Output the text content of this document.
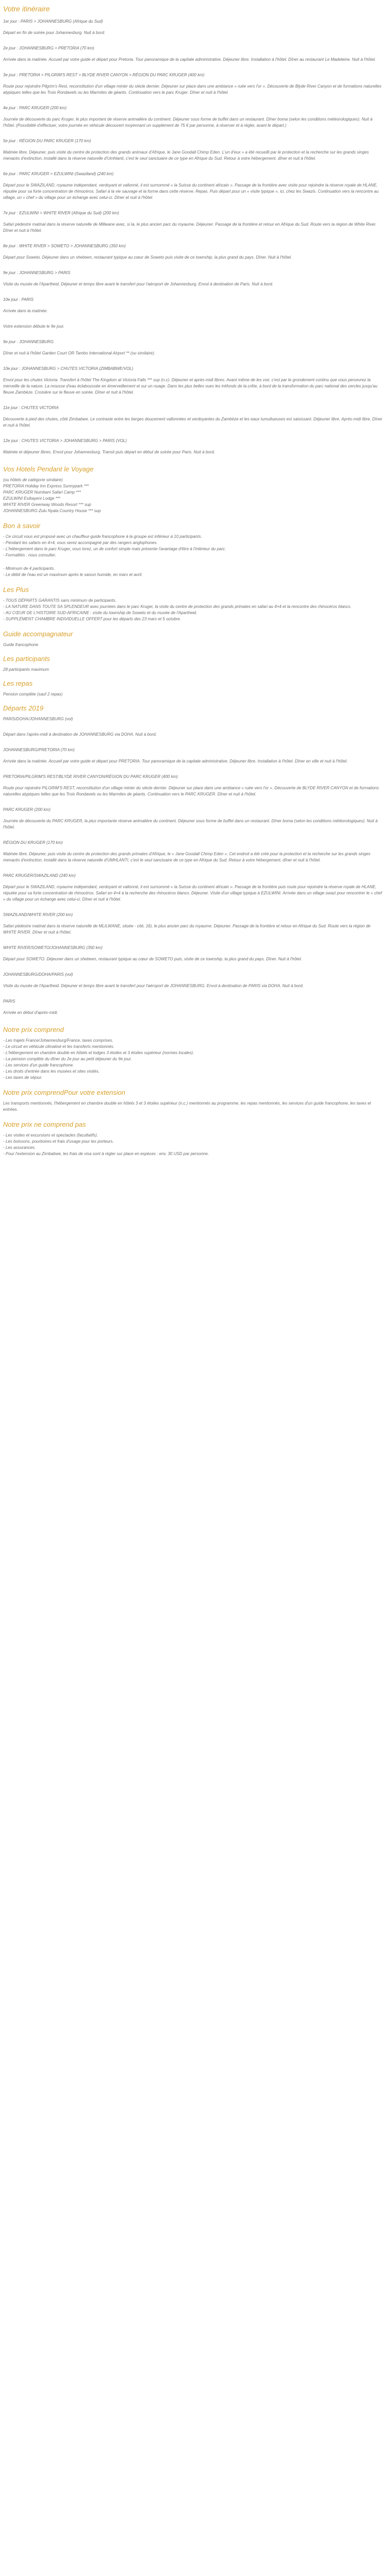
Votre itinéraire
1er jour : PARIS > JOHANNESBURG (Afrique du Sud)
Départ en fin de soirée pour Johannesburg. Nuit à bord.
2e jour : JOHANNESBURG > PRETORIA (70 km)
Arrivée dans la matinée. Accueil par votre guide et départ pour Pretoria. Tour panoramique de la capitale administrative. Déjeuner libre. Installation à l'hôtel. Dîner au restaurant Le Madeleine. Nuit à l'hôtel.
3e jour : PRETORIA > PILGRIM'S REST > BLYDE RIVER CANYON > RÉGION DU PARC KRUGER (400 km)
Route pour rejoindre Pilgrim's Rest, reconstitution d'un village minier du siècle dernier. Déjeuner sur place dans une ambiance « ruée vers l'or ». Découverte de Blyde River Canyon et de formations naturelles atypiques telles que les Trois Rondavels ou les Marmites de géants. Continuation vers le parc Kruger. Dîner et nuit à l'hôtel.
4e jour : PARC KRUGER (200 km)
Journée de découverte du parc Kruger, le plus important de réserve animalière du continent. Déjeuner sous forme de buffet dans un restaurant. Dîner boma (selon les conditions météorologiques). Nuit à l'hôtel. (Possibilité d'effectuer, votre journée en véhicule découvert moyennant un supplément de 75 € par personne, à réserver et à régler, avant le départ.)
5e jour : RÉGION DU PARC KRUGER (170 km)
Matinée libre. Déjeuner, puis visite du centre de protection des grands animaux d'Afrique, le Jane Goodall Chimp Eden. L'un d'eux » a été recueilli par le protection et la recherche sur les grands singes menacés d'extinction, installé dans la réserve naturelle d'Umhlanti, c'est le seul sanctuaire de ce type en Afrique du Sud. Retour à votre hébergement, dîner et nuit à l'hôtel.
6e jour : PARC KRUGER > EZULWINI (Swaziland) (240 km)
Départ pour le SWAZILAND, royaume indépendant, verdoyant et vallonné, il est surnommé « la Suisse du continent africain ». Passage de la frontière avec visite pour rejoindre la réserve royale de HLANE, réputée pour sa forte concentration de rhinocéros. Safari à la vie sauvage et la forme dans cette réserve. Repas. Puis départ pour un « visite typique », ici, chez les Swazis. Continuation vers la rencontre au village, un « chef » du village pour un échange avec celui-ci. Dîner et nuit à l'hôtel.
7e jour : EZULWINI > WHITE RIVER (Afrique du Sud) (200 km)
Safari pédestre matinal dans la réserve naturelle de Mlilwane avec, si la, le plus ancien parc du royaume. Déjeuner. Passage de la frontière et retour en Afrique du Sud. Route vers la région de White River. Dîner et nuit à l'hôtel.
8e jour : WHITE RIVER > SOWETO > JOHANNESBURG (350 km)
Départ pour Soweto. Déjeuner dans un shebeen, restaurant typique au cœur de Soweto puis visite de ce township, la plus grand du pays. Dîner. Nuit à l'hôtel.
9e jour : JOHANNESBURG > PARIS
Visite du musée de l'Apartheid. Déjeuner et temps libre avant le transfert pour l'aéroport de Johannesburg. Envol à destination de Paris. Nuit à bord.
10e jour : PARIS
Arrivée dans la matinée.
Votre extension débute le 9e jour.
9e jour : JOHANNESBURG
Dîner et nuit à l'hôtel Garden Court OR Tambo International Airport ** (ou similaire).
10e jour : JOHANNESBURG > CHUTES VICTORIA (ZIMBABWE/VOL)
Envol pour les chutes Victoria. Transfert à l'hôtel The Kingdom at Victoria Falls *** sup (n.c). Déjeuner et après-midi libres. Avant même de les voir, c'est par le grondement continu que vous percevrez la merveille de la nature. La mousse d'eau éclaboussée en émerveillement et sur un nuage. Dans les plus belles vues les tréfonds de la crête, à bord de la transformation du parc national des cercles jusqu'au fleuve Zambèze. Croisière sur le fleuve en soirée. Dîner et nuit à l'hôtel.
11e jour : CHUTES VICTORIA
Découverte à pied des chutes, côté Zimbabwe. Le contraste entre les berges doucement vallonnées et verdoyantes du Zambèze et les eaux tumultueuses est saisissant. Déjeuner libre. Après-midi libre. Dîner et nuit à l'hôtel.
12e jour : CHUTES VICTORIA > JOHANNESBURG > PARIS (VOL)
Matinée et déjeuner libres. Envol pour Johannesburg. Transit puis départ en début de soirée pour Paris. Nuit à bord.
Vos Hotels Pendant le Voyage
(ou hôtels de catégorie similaire)
PRETORIA Holiday Inn Express Sunnypark ***
PARC KRUGER Numbani Safari Camp ***
EZULWINI Esibayeni Lodge ***
WHITE RIVER Greenway Woods Resort *** sup
JOHANNESBURG Zulu Nyala Country House *** sup
Bon à savoir
- Ce circuit vous est proposé avec un chauffeur-guide francophone à la groupe est inférieur à 10 participants.
- Pendant les safaris en 4×4, vous serez accompagné par des rangers anglophones.
- L'hébergement dans le parc Kruger, vous lorez, un de confort simple mais présente l'avantage d'être à l'intérieur du parc.
- Formalités : nous consulter.
- Minimum de 4 participants.
- Le débit de l'eau est un maximum après le saison humide, en mars et avril.
Les Plus
- TOUS DÉPARTS GARANTIS sans minimum de participants.
- LA NATURE DANS TOUTE SA SPLENDEUR avec journées dans le parc Kruger, la visite du centre de protection des grands primates en safari au 4×4 et la rencontre des rhinocéros blancs.
- AU CŒUR DE L'HISTOIRE SUD-AFRICAINE : visite du township de Soweto et du musée de l'Apartheid.
- SUPPLÉMENT CHAMBRE INDIVIDUELLE OFFERT pour les départs des 23 mars et 5 octobre.
Guide accompagnateur
Guide francophone
Les participants
28 participants maximum
Les repas
Pension complète (sauf 2 repas)
Départs 2019
PARIS/DOHA/JOHANNESBURG (vol)
Départ dans l'après-midi à destination de JOHANNESBURG via DOHA. Nuit à bord.
JOHANNESBURG/PRETORIA (70 km)
Arrivée dans la matinée. Accueil par votre guide et départ pour PRETORIA. Tour panoramique de la capitale administrative. Déjeuner libre. Installation à l'hôtel. Dîner en ville et nuit à l'hôtel.
PRETORIA/PILGRIM'S REST/BLYDE RIVER CANYON/RÉGION DU PARC KRUGER (400 km)
Route pour rejoindre PILGRIM'S REST, reconstitution d'un village minier du siècle dernier. Déjeuner sur place dans une ambiance « ruée vers l'or ». Découverte de BLYDE RIVER CANYON et de formations naturelles atypiques telles que les Trois Rondavels ou les Marmites de géants. Continuation vers le PARC KRUGER. Dîner et nuit à l'hôtel.
PARC KRUGER (200 km)
Journée de découverte du PARC KRUGER, la plus importante réserve animalière du continent. Déjeuner sous forme de buffet dans un restaurant. Dîner boma (selon les conditions météorologiques). Nuit à l'hôtel.
RÉGION DU KRUGER (170 km)
Matinée libre. Déjeuner, puis visite du centre de protection des grands primates d'Afrique, le « Jane Goodall Chimp Eden ». Cet endroit a été créé pour la protection et la recherche sur les grands singes menacés d'extinction, installé dans la réserve naturelle d'UMHLANTI, c'est le seul sanctuaire de ce type en Afrique du Sud. Retour à votre hébergement, dîner et nuit à l'hôtel.
PARC KRUGER/SWAZILAND (240 km)
Départ pour le SWAZILAND, royaume indépendant, verdoyant et vallonné, il est surnommé « la Suisse du continent africain ». Passage de la frontière puis route pour rejoindre la réserve royale de HLANE, réputée pour sa forte concentration de rhinocéros. Safari en 4×4 à la recherche des rhinocéros blancs. Déjeuner. Visite d'un village typique à EZULWINI. Arrivée dans un village swazi pour rencontrer le « chef » du village pour un échange avec celui-ci. Dîner et nuit à l'hôtel.
SWAZILAND/WHITE RIVER (200 km)
Safari pédestre matinal dans la réserve naturelle de MLILWANE, située - cité, 16), le plus ancien parc du royaume. Déjeuner. Passage de la frontière et retour en Afrique du Sud. Route vers la région de WHITE RIVER. Dîner et nuit à l'hôtel.
WHITE RIVER/SOWETO/JOHANNESBURG (350 km)
Départ pour SOWETO. Déjeuner dans un shebeen, restaurant typique au cœur de SOWETO puis, visite de ce township, la plus grand du pays. Dîner. Nuit à l'hôtel.
JOHANNESBURG/DOHA/PARIS (vol)
Visite du musée de l'Apartheid. Déjeuner et temps libre avant le transfert pour l'aéroport de JOHANNESBURG. Envol à destination de PARIS via DOHA. Nuit à bord.
PARIS
Arrivée en début d'après-midi.
Notre prix comprend
- Les trajets France/Johannesburg/France, taxes comprises.
- Le circuit en véhicule climatisé et les transferts mentionnés.
- L'hébergement en chambre double en hôtels et lodges 3 étoiles et 3 étoiles supérieur (normes locales).
- La pension complète du dîner du 2e jour au petit déjeuner du 9e jour.
- Les services d'un guide francophone.
- Les droits d'entrée dans les musées et sites visités.
- Les taxes de séjour.
Notre prix comprendPour votre extension
Les transports mentionnés, l'hébergement en chambre double en hôtels 3 et 3 étoiles supérieur (n.c.) mentionnés au programme, les repas mentionnés, les services d'un guide francophone, les taxes et entrées.
Notre prix ne comprend pas
- Les visites et excursions et spectacles (facultatifs).
- Les boissons, pourboires et frais d'usage pour les porteurs.
- Les assurances.
- Pour l'extension au Zimbabwe, les frais de visa sont à régler sur place en espèces : env. 30 USD par personne.
